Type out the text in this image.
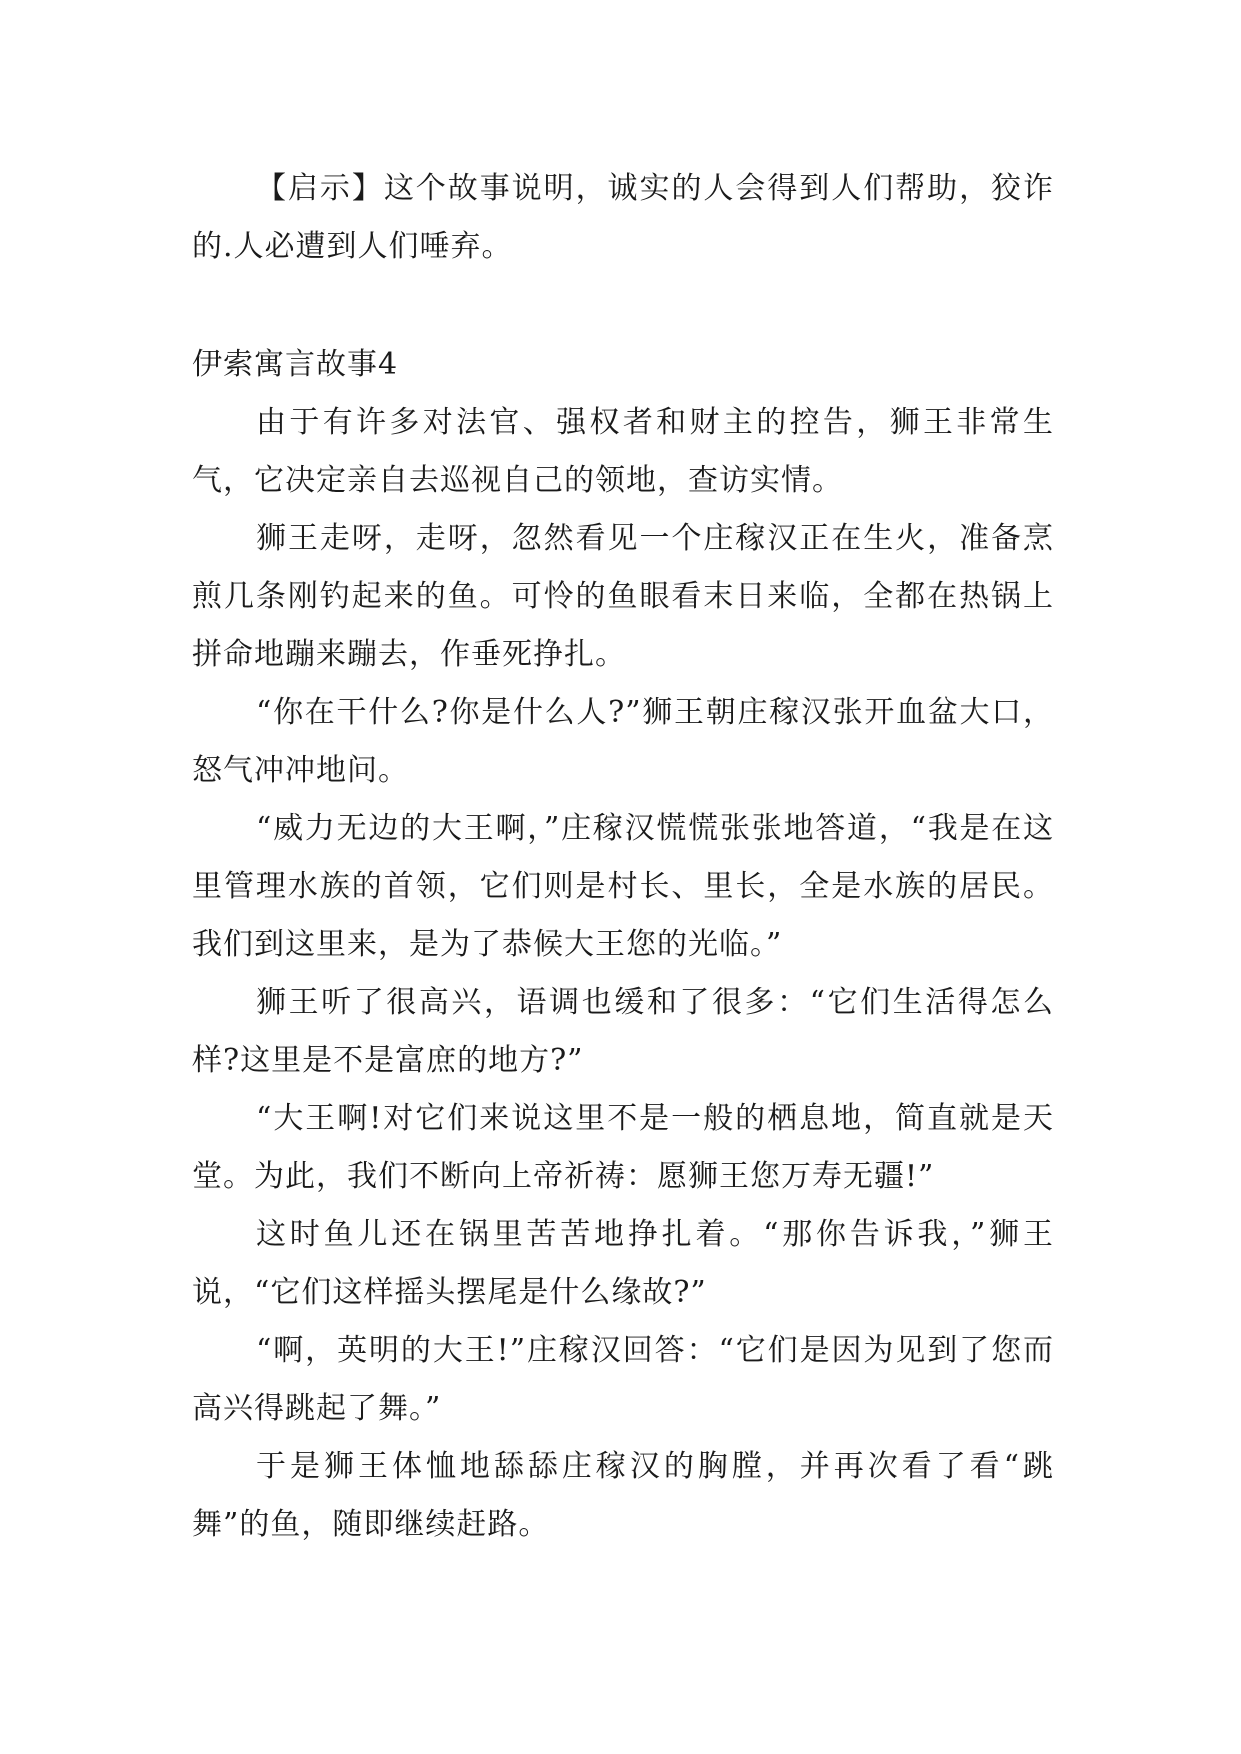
【启示】这个故事说明，诚实的人会得到人们帮助，狡诈的.人必遭到人们唾弃。

伊索寓言故事4

由于有许多对法官、强权者和财主的控告，狮王非常生气，它决定亲自去巡视自己的领地，查访实情。

狮王走呀，走呀，忽然看见一个庄稼汉正在生火，准备烹煎几条刚钓起来的鱼。可怜的鱼眼看末日来临，全都在热锅上拼命地蹦来蹦去，作垂死挣扎。

“你在干什么?你是什么人?”狮王朝庄稼汉张开血盆大口，怒气冲冲地问。

“威力无边的大王啊，”庄稼汉慌慌张张地答道，“我是在这里管理水族的首领，它们则是村长、里长，全是水族的居民。我们到这里来，是为了恭候大王您的光临。”

狮王听了很高兴，语调也缓和了很多：“它们生活得怎么样?这里是不是富庶的地方?”

“大王啊!对它们来说这里不是一般的栖息地，简直就是天堂。为此，我们不断向上帝祈祷：愿狮王您万寿无疆!”

这时鱼儿还在锅里苦苦地挣扎着。“那你告诉我，”狮王说，“它们这样摇头摆尾是什么缘故?”

“啊，英明的大王!”庄稼汉回答：“它们是因为见到了您而高兴得跳起了舞。”

于是狮王体恤地舔舔庄稼汉的胸膛，并再次看了看“跳舞”的鱼，随即继续赶路。
